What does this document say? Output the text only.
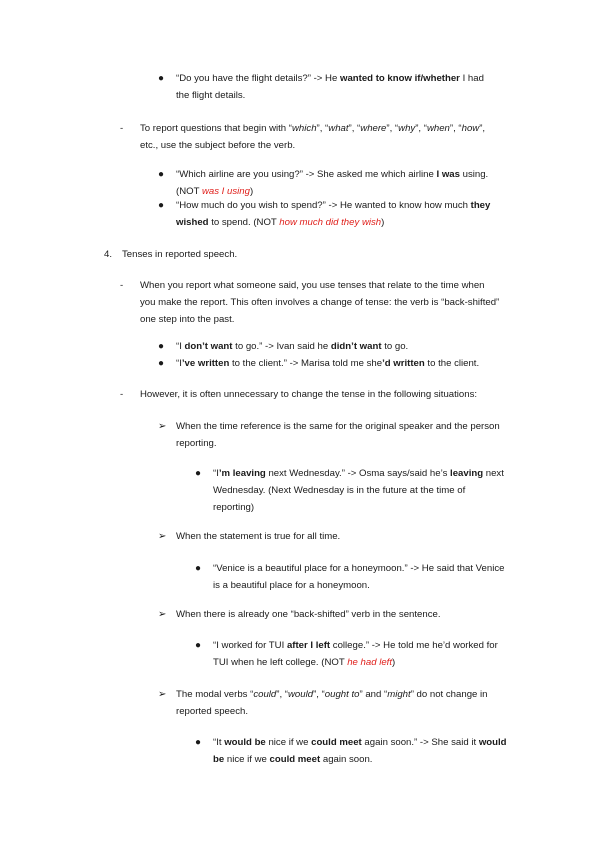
● “Do you have the flight details?” -> He wanted to know if/whether I had
the flight details.
- To report questions that begin with “which”, “what”, “where”, “why”, “when”, “how”,
etc., use the subject before the verb.
● “Which airline are you using?” -> She asked me which airline I was using.
(NOT was I using)
● “How much do you wish to spend?” -> He wanted to know how much they
wished to spend. (NOT how much did they wish)
4. Tenses in reported speech.
- When you report what someone said, you use tenses that relate to the time when
you make the report. This often involves a change of tense: the verb is “back-shifted”
one step into the past.
● “I don’t want to go.” -> Ivan said he didn’t want to go.
● “I’ve written to the client.” -> Marisa told me she’d written to the client.
- However, it is often unnecessary to change the tense in the following situations:
➢ When the time reference is the same for the original speaker and the person
reporting.
● “I’m leaving next Wednesday.” -> Osma says/said he’s leaving next
Wednesday. (Next Wednesday is in the future at the time of
reporting)
➢ When the statement is true for all time.
● “Venice is a beautiful place for a honeymoon.” -> He said that Venice
is a beautiful place for a honeymoon.
➢ When there is already one “back-shifted” verb in the sentence.
● “I worked for TUI after I left college.” -> He told me he’d worked for
TUI when he left college. (NOT he had left)
➢ The modal verbs “could”, “would”, “ought to” and “might” do not change in
reported speech.
● “It would be nice if we could meet again soon.” -> She said it would
be nice if we could meet again soon.
